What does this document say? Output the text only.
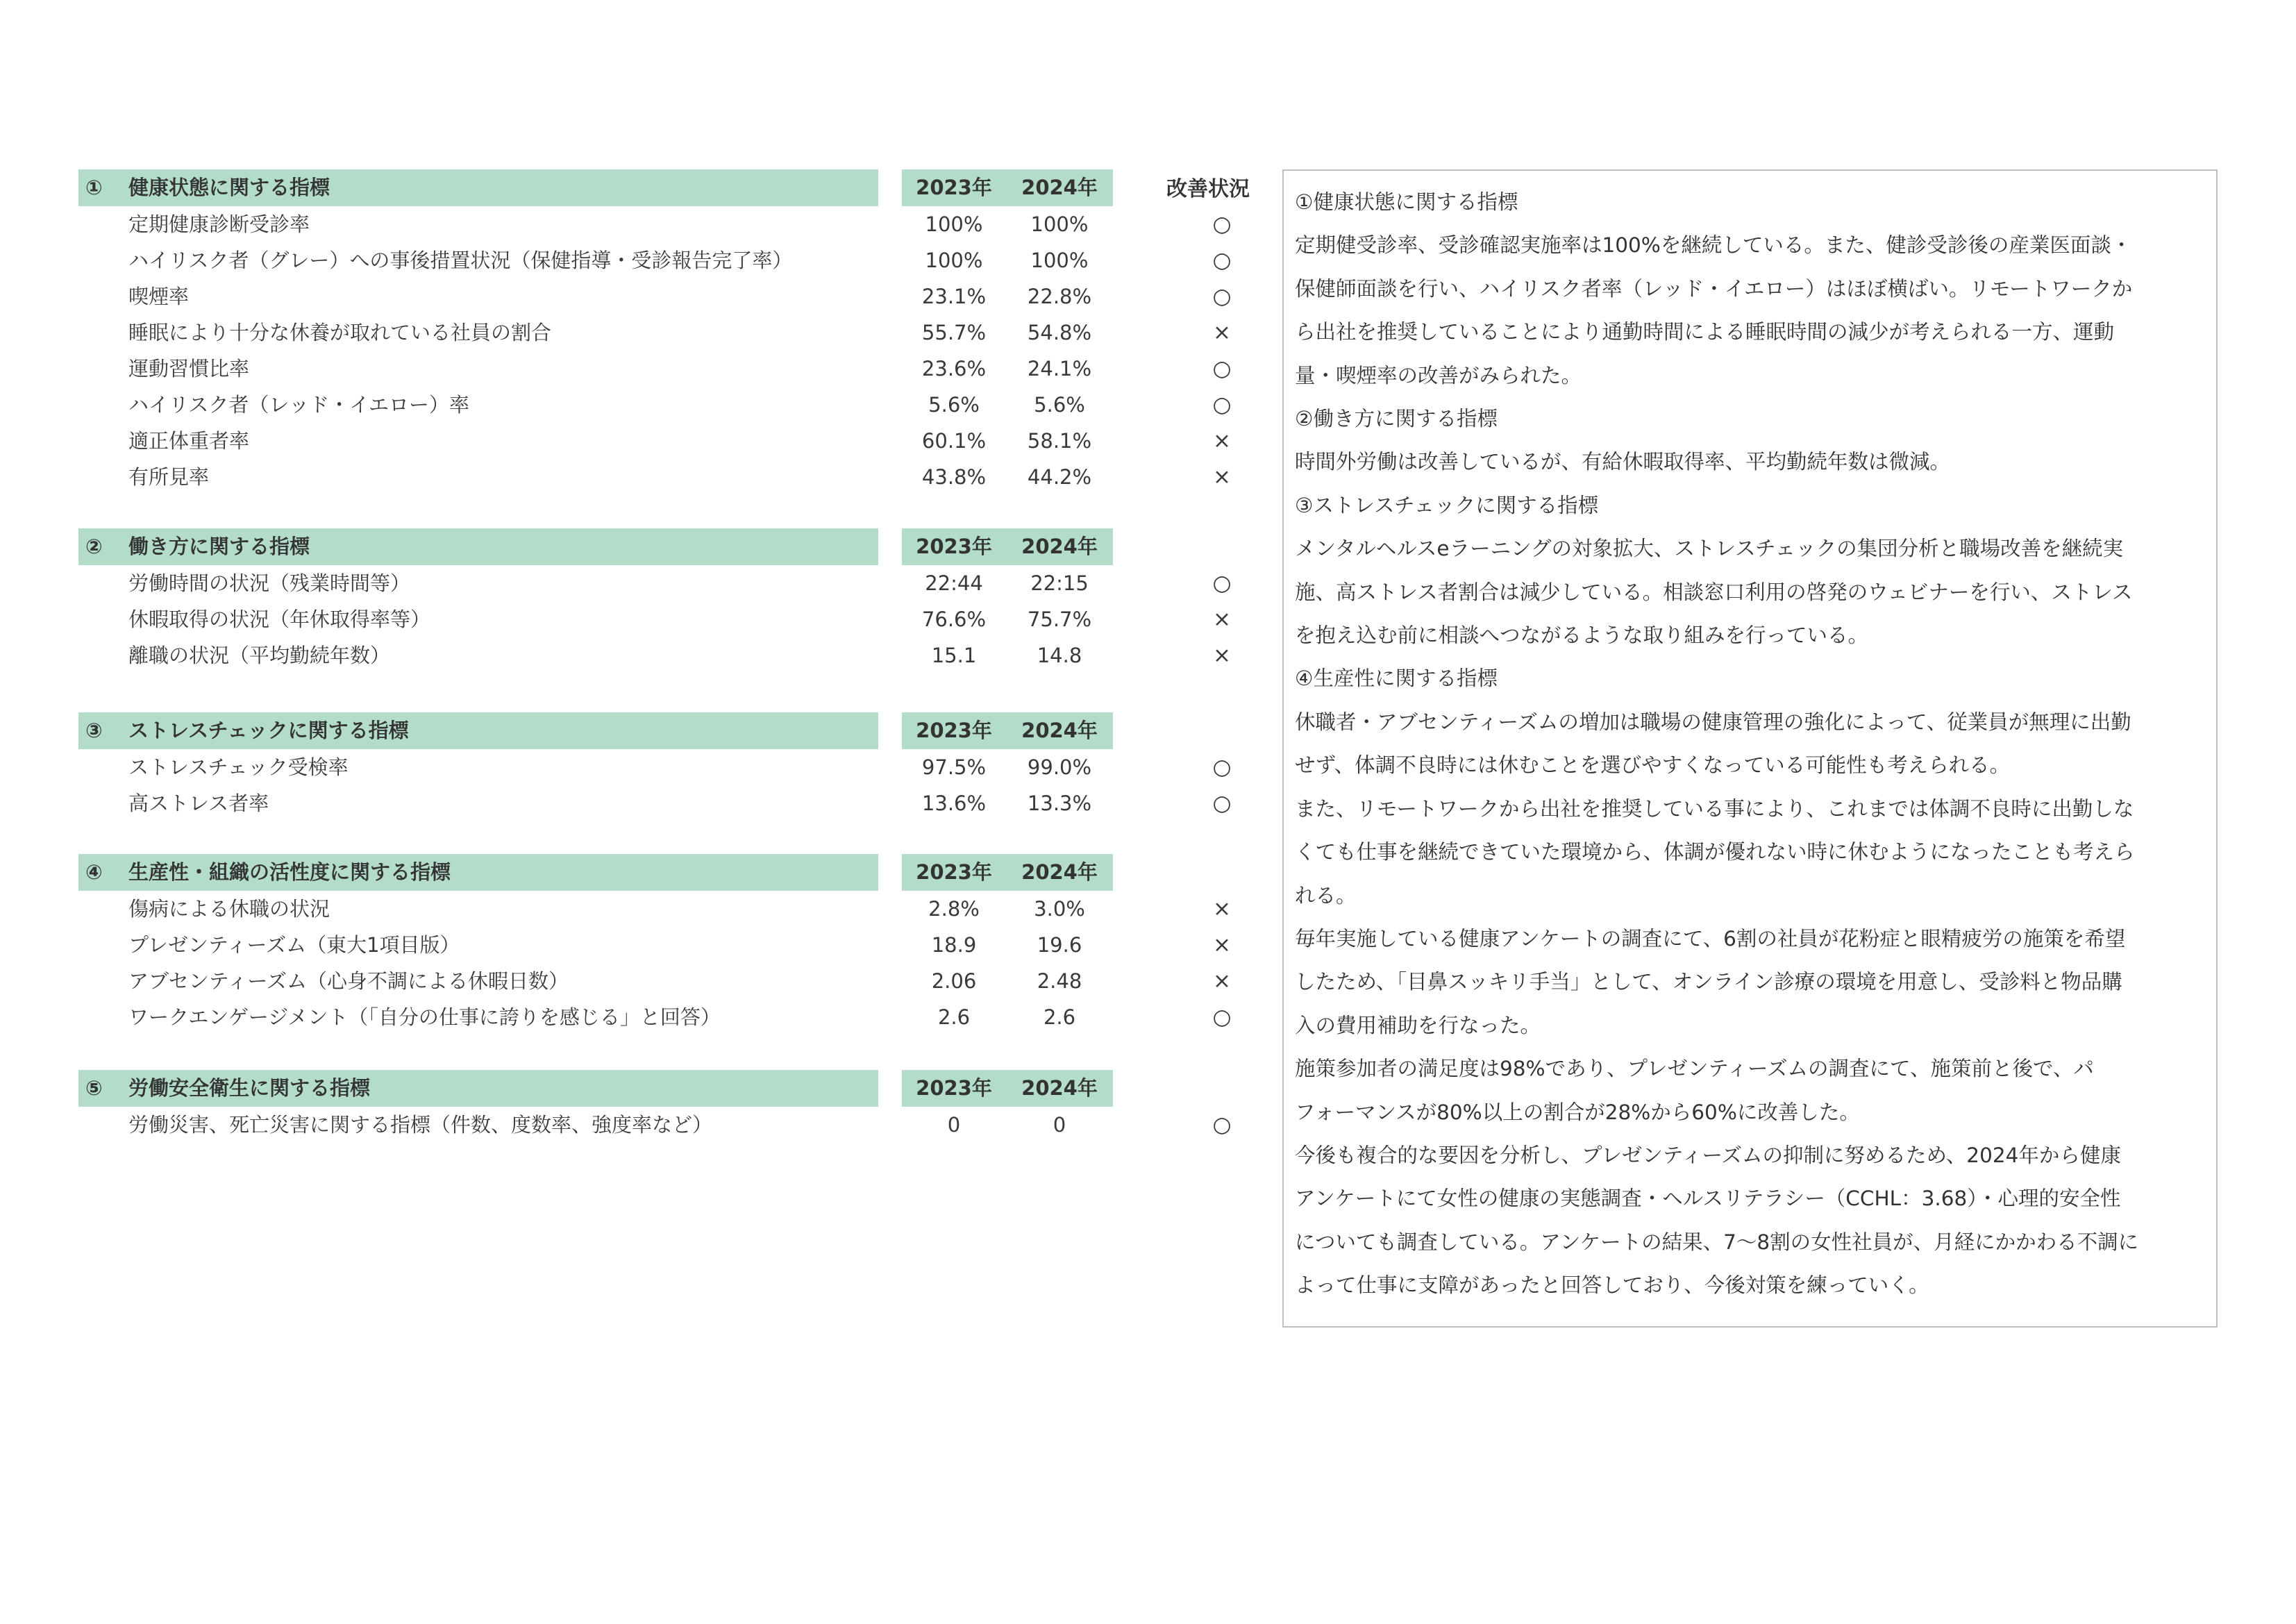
改善状況
① 健康状態に関する指標	2023年	2024年
定期健康診断受診率	100%	100%	○
ハイリスク者（グレー）への事後措置状況（保健指導・受診報告完了率）	100%	100%	○
喫煙率	23.1%	22.8%	○
睡眠により十分な休養が取れている社員の割合	55.7%	54.8%	×
運動習慣比率	23.6%	24.1%	○
ハイリスク者（レッド・イエロー）率	5.6%	5.6%	○
適正体重者率	60.1%	58.1%	×
有所見率	43.8%	44.2%	×
② 働き方に関する指標	2023年	2024年
労働時間の状況（残業時間等）	22:44	22:15	○
休暇取得の状況（年休取得率等）	76.6%	75.7%	×
離職の状況（平均勤続年数）	15.1	14.8	×
③ ストレスチェックに関する指標	2023年	2024年
ストレスチェック受検率	97.5%	99.0%	○
高ストレス者率	13.6%	13.3%	○
④ 生産性・組織の活性度に関する指標	2023年	2024年
傷病による休職の状況	2.8%	3.0%	×
プレゼンティーズム（東大1項目版）	18.9	19.6	×
アブセンティーズム（心身不調による休暇日数）	2.06	2.48	×
ワークエンゲージメント（「自分の仕事に誇りを感じる」と回答）	2.6	2.6	○
⑤ 労働安全衛生に関する指標	2023年	2024年
労働災害、死亡災害に関する指標（件数、度数率、強度率など）	0	0	○

①健康状態に関する指標

定期健受診率、受診確認実施率は100%を継続している。また、健診受診後の産業医面談・

保健師面談を行い、ハイリスク者率（レッド・イエロー）はほぼ横ばい。リモートワークか

ら出社を推奨していることにより通勤時間による睡眠時間の減少が考えられる一方、運動

量・喫煙率の改善がみられた。

②働き方に関する指標

時間外労働は改善しているが、有給休暇取得率、平均勤続年数は微減。

③ストレスチェックに関する指標

メンタルヘルスeラーニングの対象拡大、ストレスチェックの集団分析と職場改善を継続実

施、高ストレス者割合は減少している。相談窓口利用の啓発のウェビナーを行い、ストレス

を抱え込む前に相談へつながるような取り組みを行っている。

④生産性に関する指標

休職者・アブセンティーズムの増加は職場の健康管理の強化によって、従業員が無理に出勤

せず、体調不良時には休むことを選びやすくなっている可能性も考えられる。

また、リモートワークから出社を推奨している事により、これまでは体調不良時に出勤しな

くても仕事を継続できていた環境から、体調が優れない時に休むようになったことも考えら

れる。

毎年実施している健康アンケートの調査にて、6割の社員が花粉症と眼精疲労の施策を希望

したため、「目鼻スッキリ手当」として、オンライン診療の環境を用意し、受診料と物品購

入の費用補助を行なった。

施策参加者の満足度は98%であり、プレゼンティーズムの調査にて、施策前と後で、パ

フォーマンスが80%以上の割合が28%から60%に改善した。

今後も複合的な要因を分析し、プレゼンティーズムの抑制に努めるため、2024年から健康

アンケートにて女性の健康の実態調査・ヘルスリテラシー（CCHL：3.68）・心理的安全性

についても調査している。アンケートの結果、7〜8割の女性社員が、月経にかかわる不調に

よって仕事に支障があったと回答しており、今後対策を練っていく。
